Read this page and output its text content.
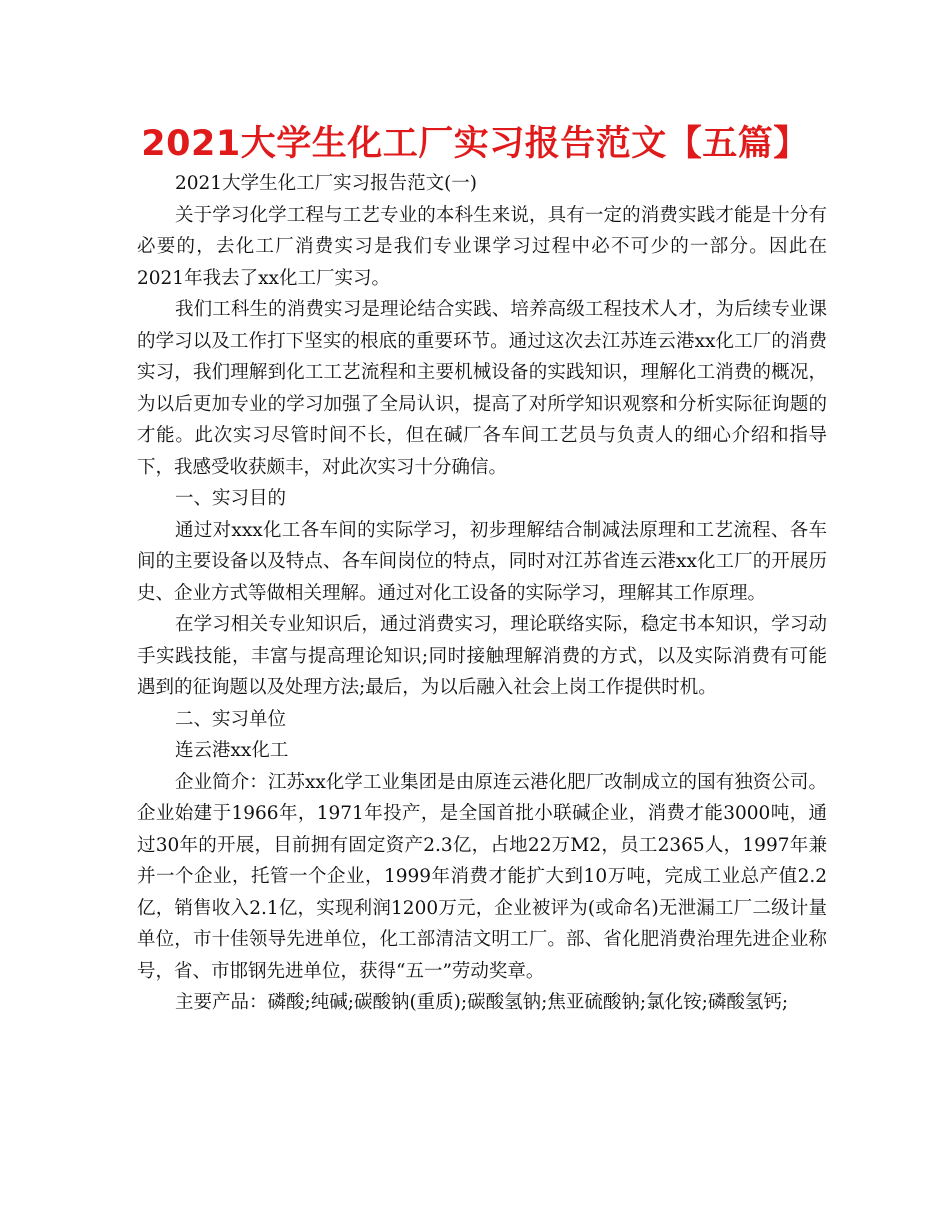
2021大学生化工厂实习报告范文【五篇】

2021大学生化工厂实习报告范文(一)

关于学习化学工程与工艺专业的本科生来说，具有一定的消费实践才能是十分有必要的，去化工厂消费实习是我们专业课学习过程中必不可少的一部分。因此在2021年我去了xx化工厂实习。

我们工科生的消费实习是理论结合实践、培养高级工程技术人才，为后续专业课的学习以及工作打下坚实的根底的重要环节。通过这次去江苏连云港xx化工厂的消费实习，我们理解到化工工艺流程和主要机械设备的实践知识，理解化工消费的概况，为以后更加专业的学习加强了全局认识，提高了对所学知识观察和分析实际征询题的才能。此次实习尽管时间不长，但在碱厂各车间工艺员与负责人的细心介绍和指导下，我感受收获颇丰，对此次实习十分确信。

一、实习目的

通过对xxx化工各车间的实际学习，初步理解结合制减法原理和工艺流程、各车间的主要设备以及特点、各车间岗位的特点，同时对江苏省连云港xx化工厂的开展历史、企业方式等做相关理解。通过对化工设备的实际学习，理解其工作原理。

在学习相关专业知识后，通过消费实习，理论联络实际，稳定书本知识，学习动手实践技能，丰富与提高理论知识;同时接触理解消费的方式，以及实际消费有可能遇到的征询题以及处理方法;最后，为以后融入社会上岗工作提供时机。

二、实习单位

连云港xx化工

企业简介：江苏xx化学工业集团是由原连云港化肥厂改制成立的国有独资公司。企业始建于1966年，1971年投产，是全国首批小联碱企业，消费才能3000吨，通过30年的开展，目前拥有固定资产2.3亿，占地22万M2，员工2365人，1997年兼并一个企业，托管一个企业，1999年消费才能扩大到10万吨，完成工业总产值2.2亿，销售收入2.1亿，实现利润1200万元，企业被评为(或命名)无泄漏工厂二级计量单位，市十佳领导先进单位，化工部清洁文明工厂。部、省化肥消费治理先进企业称号，省、市邯钢先进单位，获得“五一”劳动奖章。

主要产品：磷酸;纯碱;碳酸钠(重质);碳酸氢钠;焦亚硫酸钠;氯化铵;磷酸氢钙;
